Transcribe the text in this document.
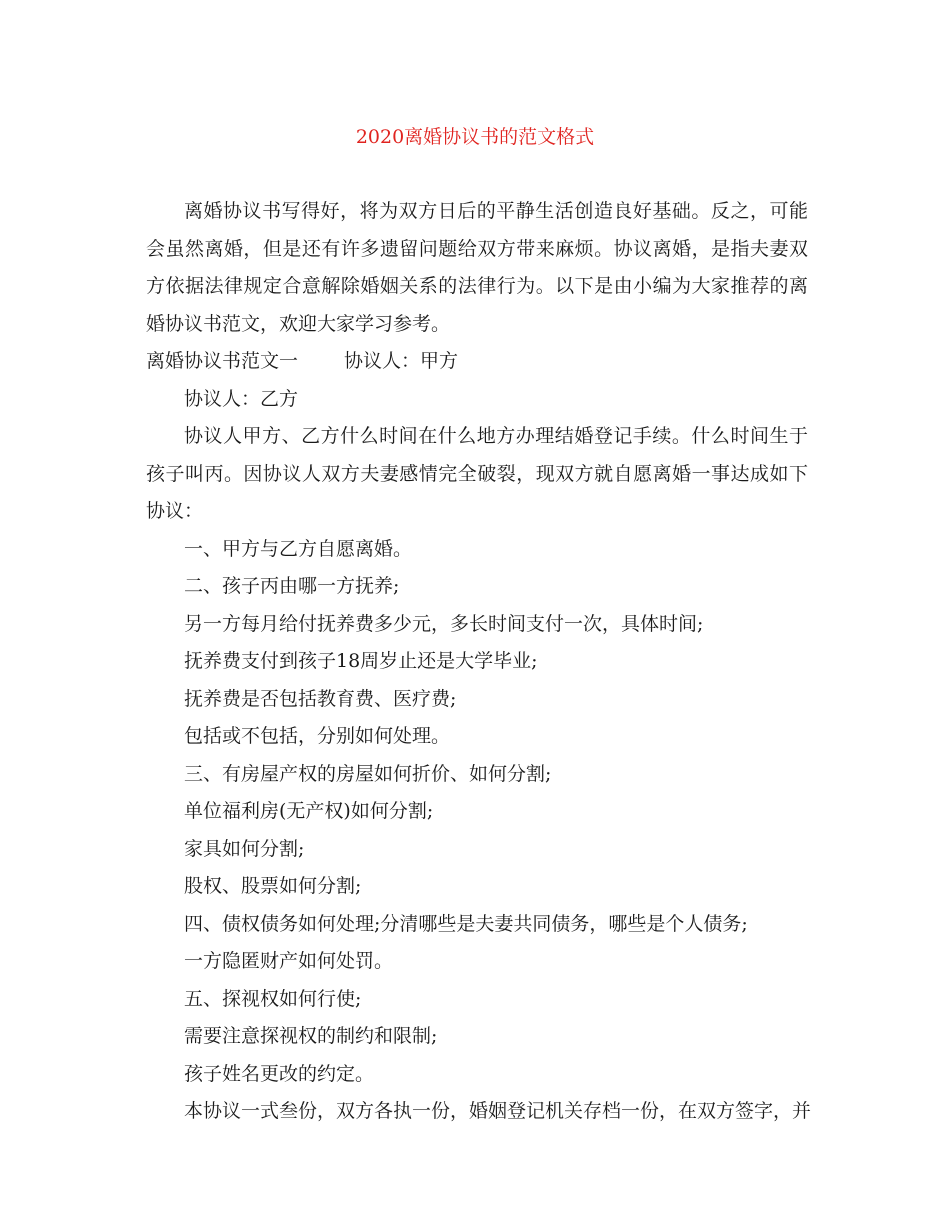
2020离婚协议书的范文格式

离婚协议书写得好，将为双方日后的平静生活创造良好基础。反之，可能会虽然离婚，但是还有许多遗留问题给双方带来麻烦。协议离婚，是指夫妻双方依据法律规定合意解除婚姻关系的法律行为。以下是由小编为大家推荐的离婚协议书范文，欢迎大家学习参考。

离婚协议书范文一 协议人：甲方

协议人：乙方

协议人甲方、乙方什么时间在什么地方办理结婚登记手续。什么时间生于孩子叫丙。因协议人双方夫妻感情完全破裂，现双方就自愿离婚一事达成如下协议：

一、甲方与乙方自愿离婚。

二、孩子丙由哪一方抚养;

另一方每月给付抚养费多少元，多长时间支付一次，具体时间;

抚养费支付到孩子18周岁止还是大学毕业;

抚养费是否包括教育费、医疗费;

包括或不包括，分别如何处理。

三、有房屋产权的房屋如何折价、如何分割;

单位福利房(无产权)如何分割;

家具如何分割;

股权、股票如何分割;

四、债权债务如何处理;分清哪些是夫妻共同债务，哪些是个人债务;

一方隐匿财产如何处罚。

五、探视权如何行使;

需要注意探视权的制约和限制;

孩子姓名更改的约定。

本协议一式叁份，双方各执一份，婚姻登记机关存档一份，在双方签字，并
